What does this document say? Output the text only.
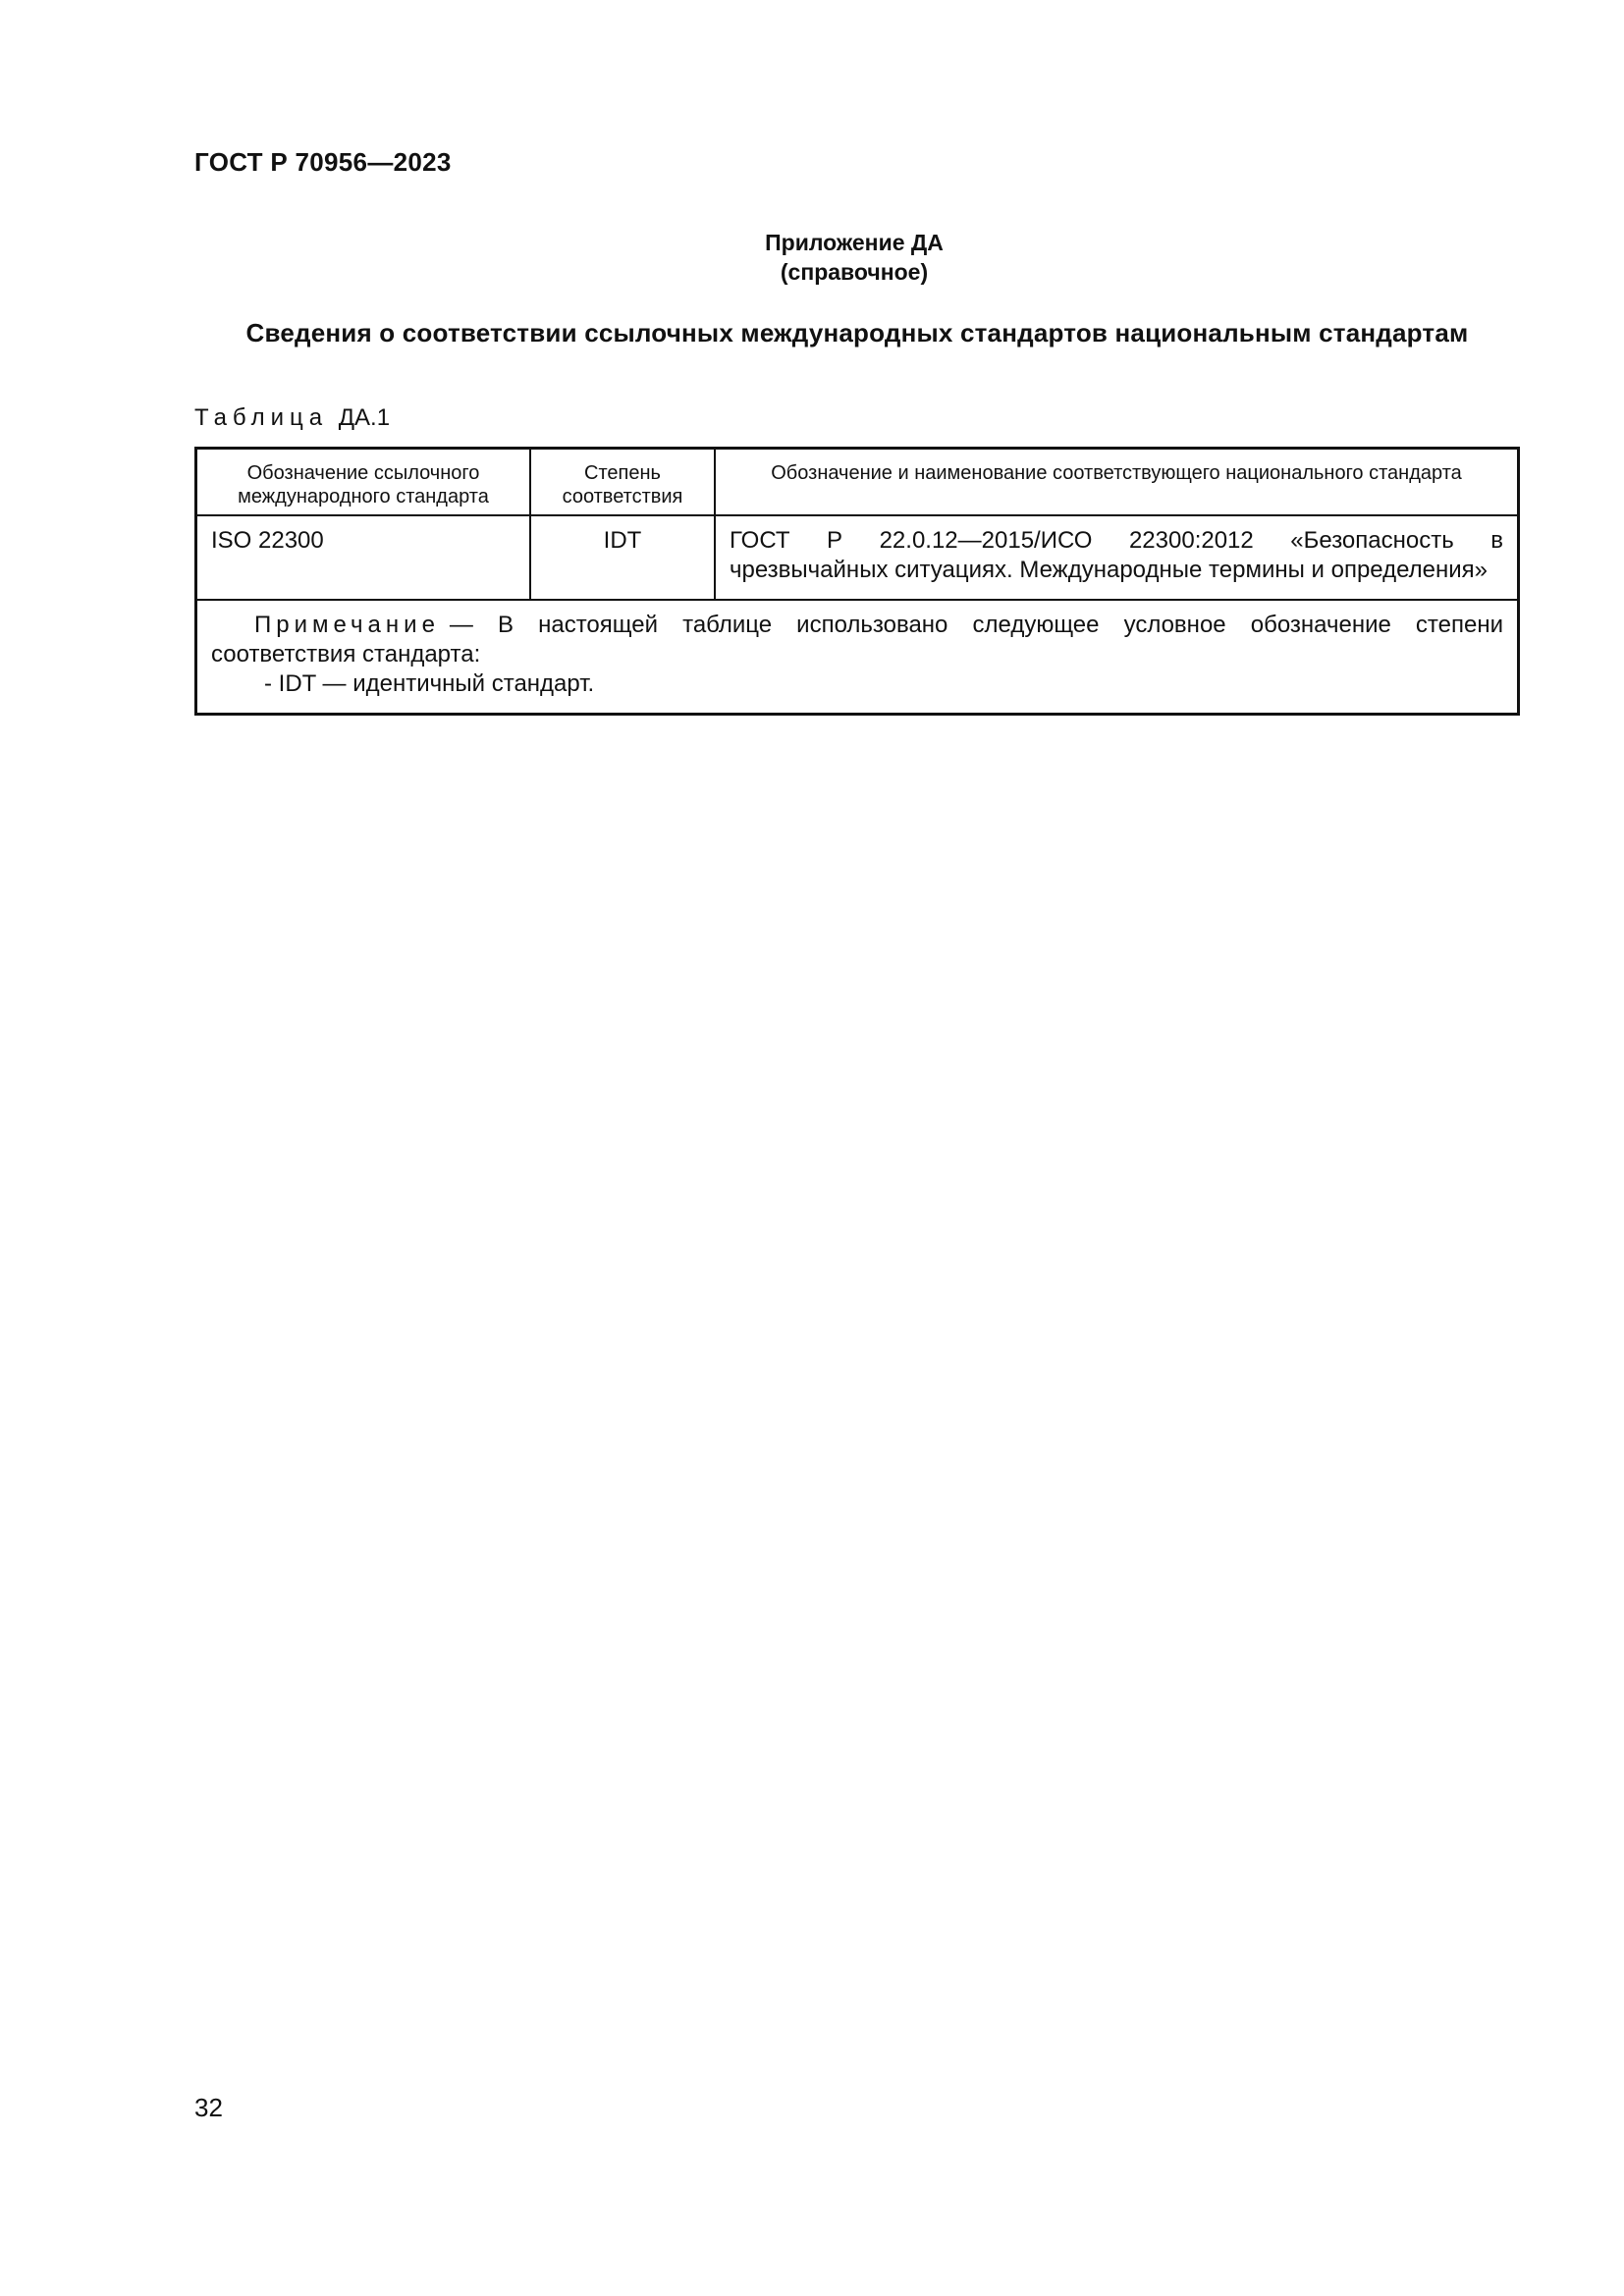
ГОСТ Р 70956—2023
Приложение ДА
(справочное)
Сведения о соответствии ссылочных международных стандартов национальным стандартам
Таблица ДА.1
Обозначение ссылочного международного стандарта	Степень соответствия	Обозначение и наименование соответствующего национального стандарта
ISO 22300	IDT	ГОСТ Р 22.0.12—2015/ИСО 22300:2012 «Безопасность в чрезвычайных ситуациях. Международные термины и определения»
Примечание — В настоящей таблице использовано следующее условное обозначение степени соответствия стандарта:
- IDT — идентичный стандарт.		
32
